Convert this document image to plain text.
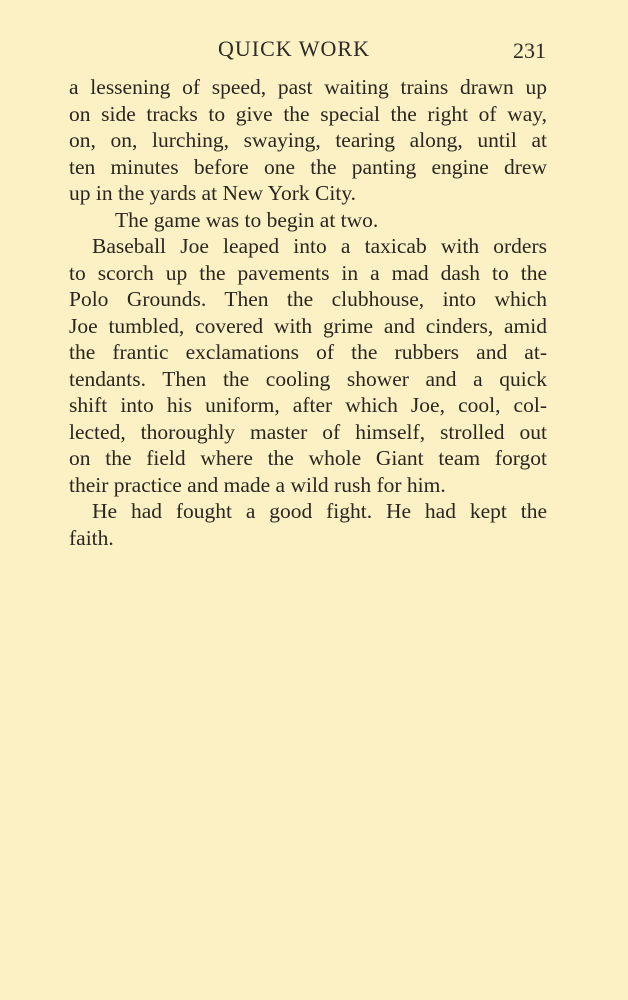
QUICK WORK	231

a lessening of speed, past waiting trains drawn up
on side tracks to give the special the right of way,
on, on, lurching, swaying, tearing along, until at
ten minutes before one the panting engine drew
up in the yards at New York City.

The game was to begin at two.

Baseball Joe leaped into a taxicab with orders
to scorch up the pavements in a mad dash to the
Polo Grounds. Then the clubhouse, into which
Joe tumbled, covered with grime and cinders, amid
the frantic exclamations of the rubbers and at-
tendants. Then the cooling shower and a quick
shift into his uniform, after which Joe, cool, col-
lected, thoroughly master of himself, strolled out
on the field where the whole Giant team forgot
their practice and made a wild rush for him.

He had fought a good fight. He had kept the
faith.
